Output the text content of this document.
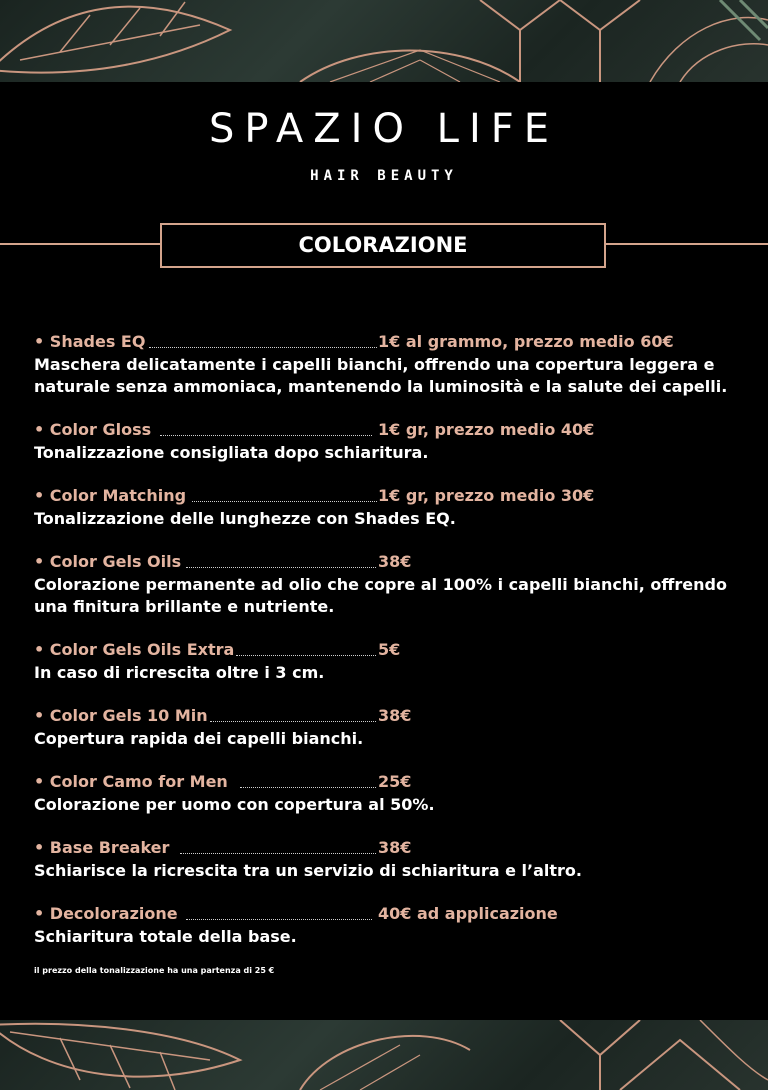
SPAZIO LIFE
HAIR BEAUTY
COLORAZIONE
• Shades EQ	1€ al grammo, prezzo medio 60€
Maschera delicatamente i capelli bianchi, offrendo una copertura leggera e naturale senza ammoniaca, mantenendo la luminosità e la salute dei capelli.
• Color Gloss	1€ gr, prezzo medio 40€
Tonalizzazione consigliata dopo schiaritura.
• Color Matching	1€ gr, prezzo medio 30€
Tonalizzazione delle lunghezze con Shades EQ.
• Color Gels Oils	38€
Colorazione permanente ad olio che copre al 100% i capelli bianchi, offrendo una finitura brillante e nutriente.
• Color Gels Oils Extra	5€
In caso di ricrescita oltre i 3 cm.
• Color Gels 10 Min	38€
Copertura rapida dei capelli bianchi.
• Color Camo for Men	25€
Colorazione per uomo con copertura al 50%.
• Base Breaker	38€
Schiarisce la ricrescita tra un servizio di schiaritura e l’altro.
• Decolorazione	40€ ad applicazione
Schiaritura totale della base.
il prezzo della tonalizzazione ha una partenza di 25 €
